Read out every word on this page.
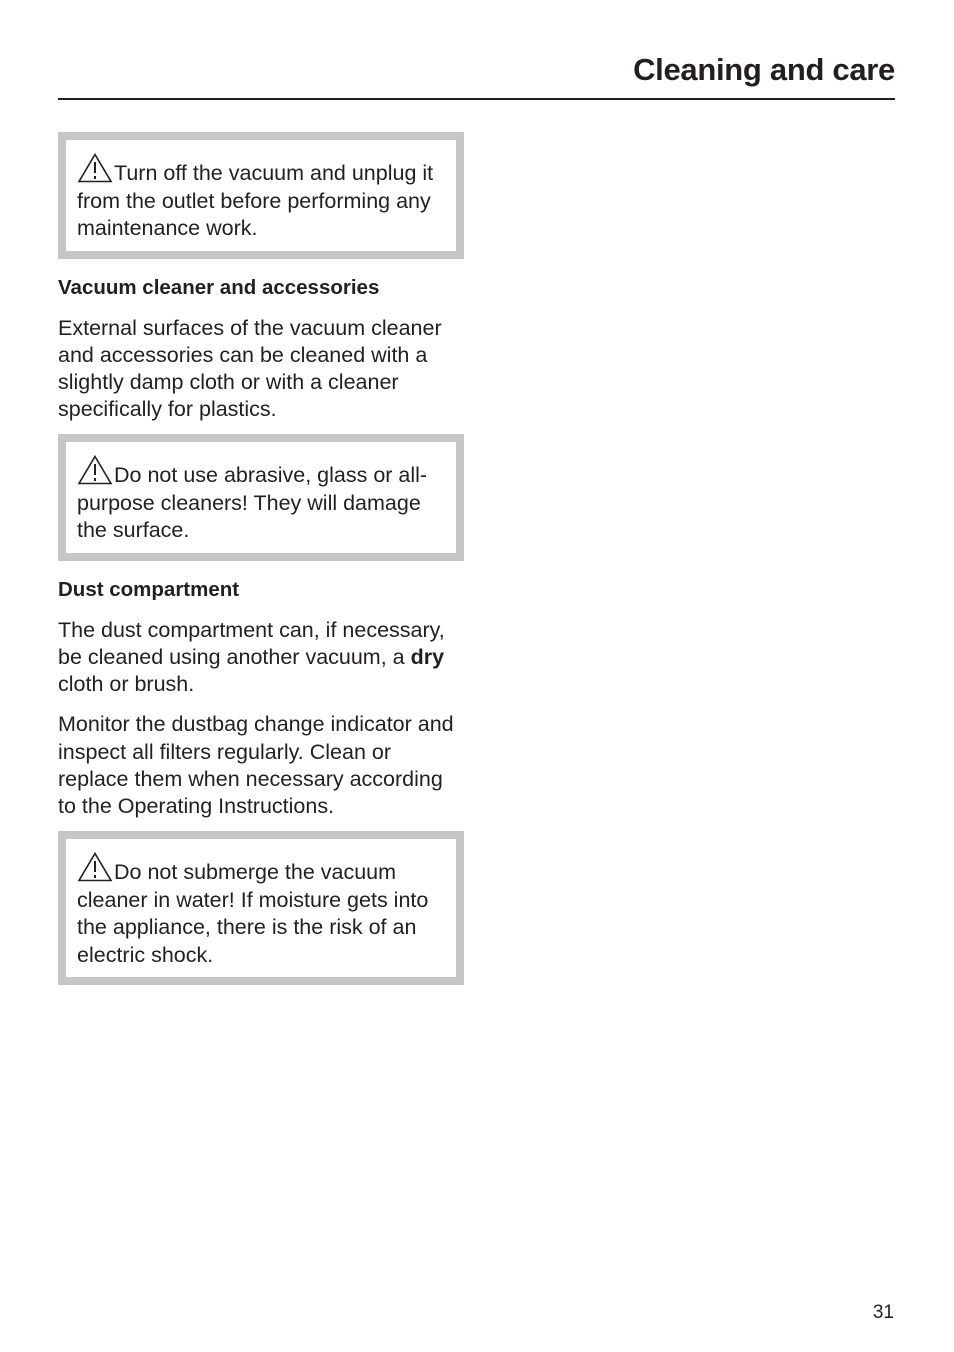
Cleaning and care
Turn off the vacuum and unplug it from the outlet before performing any maintenance work.
Vacuum cleaner and accessories

External surfaces of the vacuum cleaner and accessories can be cleaned with a slightly damp cloth or with a cleaner specifically for plastics.

Do not use abrasive, glass or all-purpose cleaners! They will damage the surface.
Dust compartment

The dust compartment can, if necessary, be cleaned using another vacuum, a dry cloth or brush.

Monitor the dustbag change indicator and inspect all filters regularly. Clean or replace them when necessary according to the Operating Instructions.

Do not submerge the vacuum cleaner in water! If moisture gets into the appliance, there is the risk of an electric shock.
31
